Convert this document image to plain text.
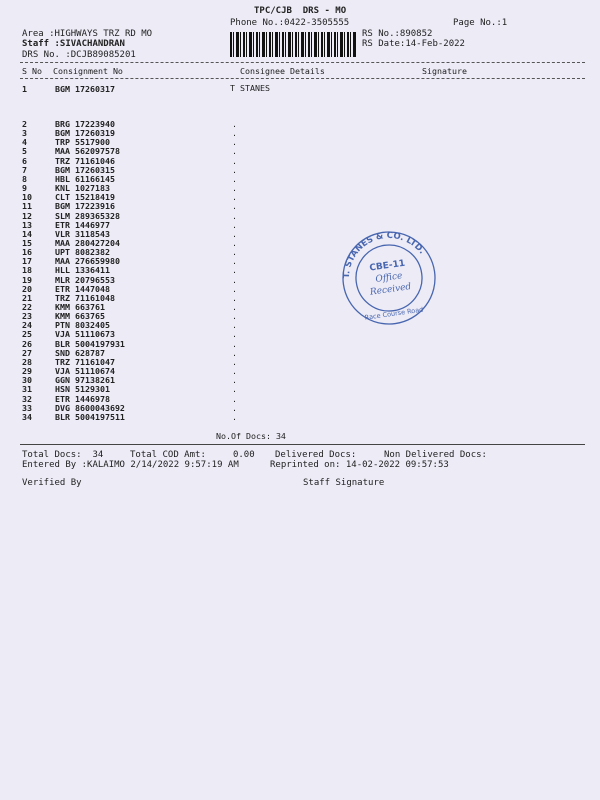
TPC/CJB  DRS - MO
Phone No.:0422-3505555	Page No.:1
Area :HIGHWAYS TRZ RD MO
Staff :SIVACHANDRAN
DRS No. :DCJB89085201
RS No.:890852
RS Date:14-Feb-2022
S No Consignment No	Consignee Details	Signature
1	BGM 17260317	T STANES
2	BRG 17223940	.
3	BGM 17260319	.
4	TRP 5517900	.
5	MAA 562097578	.
6	TRZ 71161046	.
7	BGM 17260315	.
8	HBL 61166145	.
9	KNL 1027183	.
10	CLT 15218419	.
11	BGM 17223916	.
12	SLM 289365328	.
13	ETR 1446977	.
14	VLR 3118543	.
15	MAA 280427204	.
16	UPT 8082382	.
17	MAA 276659980	.
18	HLL 1336411	.
19	MLR 20796553	.
20	ETR 1447048	.
21	TRZ 71161048	.
22	KMM 663761	.
23	KMM 663765	.
24	PTN 8032405	.
25	VJA 51110673	.
26	BLR 5004197931	.
27	SND 628787	.
28	TRZ 71161047	.
29	VJA 51110674	.
30	GGN 97138261	.
31	HSN 5129301	.
32	ETR 1446978	.
33	DVG 8600043692	.
34	BLR 5004197511	.
No.Of Docs: 34
Total Docs:  34	Total COD Amt:     0.00 Delivered Docs:	Non Delivered Docs:
Entered By :KALAIMO 2/14/2022 9:57:19 AM	Reprinted on: 14-02-2022 09:57:53
Verified By	Staff Signature
T. STANES & CO. LTD.
CBE-11
Office
Received
Race Course Road
